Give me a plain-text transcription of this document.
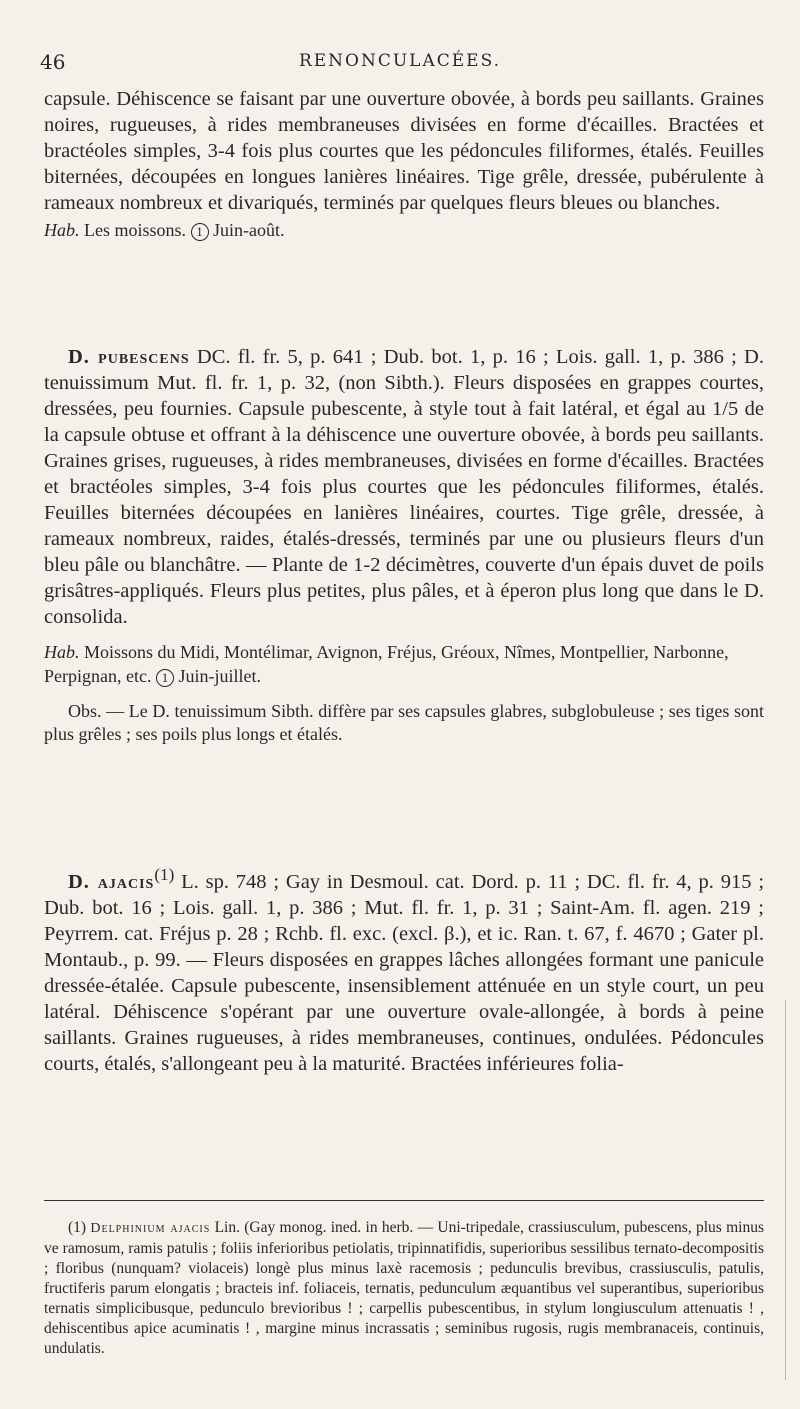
46	RENONCULACÉES.

capsule. Déhiscence se faisant par une ouverture obovée, à bords peu saillants. Graines noires, rugueuses, à rides membraneuses divisées en forme d'écailles. Bractées et bractéoles simples, 3-4 fois plus courtes que les pédoncules filiformes, étalés. Feuilles biternées, découpées en longues lanières linéaires. Tige grêle, dressée, pubérulente à rameaux nombreux et divariqués, terminés par quelques fleurs bleues ou blanches.

Hab. Les moissons. 1 Juin-août.

D. pubescens DC. fl. fr. 5, p. 641 ; Dub. bot. 1, p. 16 ; Lois. gall. 1, p. 386 ; D. tenuissimum Mut. fl. fr. 1, p. 32, (non Sibth.). Fleurs disposées en grappes courtes, dressées, peu fournies. Capsule pubescente, à style tout à fait latéral, et égal au 1/5 de la capsule obtuse et offrant à la déhiscence une ouverture obovée, à bords peu saillants. Graines grises, rugueuses, à rides membraneuses, divisées en forme d'écailles. Bractées et bractéoles simples, 3-4 fois plus courtes que les pédoncules filiformes, étalés. Feuilles biternées découpées en lanières linéaires, courtes. Tige grêle, dressée, à rameaux nombreux, raides, étalés-dressés, terminés par une ou plusieurs fleurs d'un bleu pâle ou blanchâtre. — Plante de 1-2 décimètres, couverte d'un épais duvet de poils grisâtres-appliqués. Fleurs plus petites, plus pâles, et à éperon plus long que dans le D. consolida.

Hab. Moissons du Midi, Montélimar, Avignon, Fréjus, Gréoux, Nîmes, Montpellier, Narbonne, Perpignan, etc. 1 Juin-juillet.

Obs. — Le D. tenuissimum Sibth. diffère par ses capsules glabres, subglobuleuse ; ses tiges sont plus grêles ; ses poils plus longs et étalés.

D. ajacis$^{(1)}$ L. sp. 748 ; Gay in Desmoul. cat. Dord. p. 11 ; DC. fl. fr. 4, p. 915 ; Dub. bot. 16 ; Lois. gall. 1, p. 386 ; Mut. fl. fr. 1, p. 31 ; Saint-Am. fl. agen. 219 ; Peyrrem. cat. Fréjus p. 28 ; Rchb. fl. exc. (excl. β.), et ic. Ran. t. 67, f. 4670 ; Gater pl. Montaub., p. 99. — Fleurs disposées en grappes lâches allongées formant une panicule dressée-étalée. Capsule pubescente, insensiblement atténuée en un style court, un peu latéral. Déhiscence s'opérant par une ouverture ovale-allongée, à bords à peine saillants. Graines rugueuses, à rides membraneuses, continues, ondulées. Pédoncules courts, étalés, s'allongeant peu à la maturité. Bractées inférieures folia-

(1) Delphinium ajacis Lin. (Gay monog. ined. in herb. — Uni-tripedale, crassiusculum, pubescens, plus minus ve ramosum, ramis patulis ; foliis inferioribus petiolatis, tripinnatifidis, superioribus sessilibus ternato-decompositis ; floribus (nunquam? violaceis) longè plus minus laxè racemosis ; pedunculis brevibus, crassiusculis, patulis, fructiferis parum elongatis ; bracteis inf. foliaceis, ternatis, pedunculum æquantibus vel superantibus, superioribus ternatis simplicibusque, pedunculo brevioribus ! ; carpellis pubescentibus, in stylum longiusculum attenuatis ! , dehiscentibus apice acuminatis ! , margine minus incrassatis ; seminibus rugosis, rugis membranaceis, continuis, undulatis.
